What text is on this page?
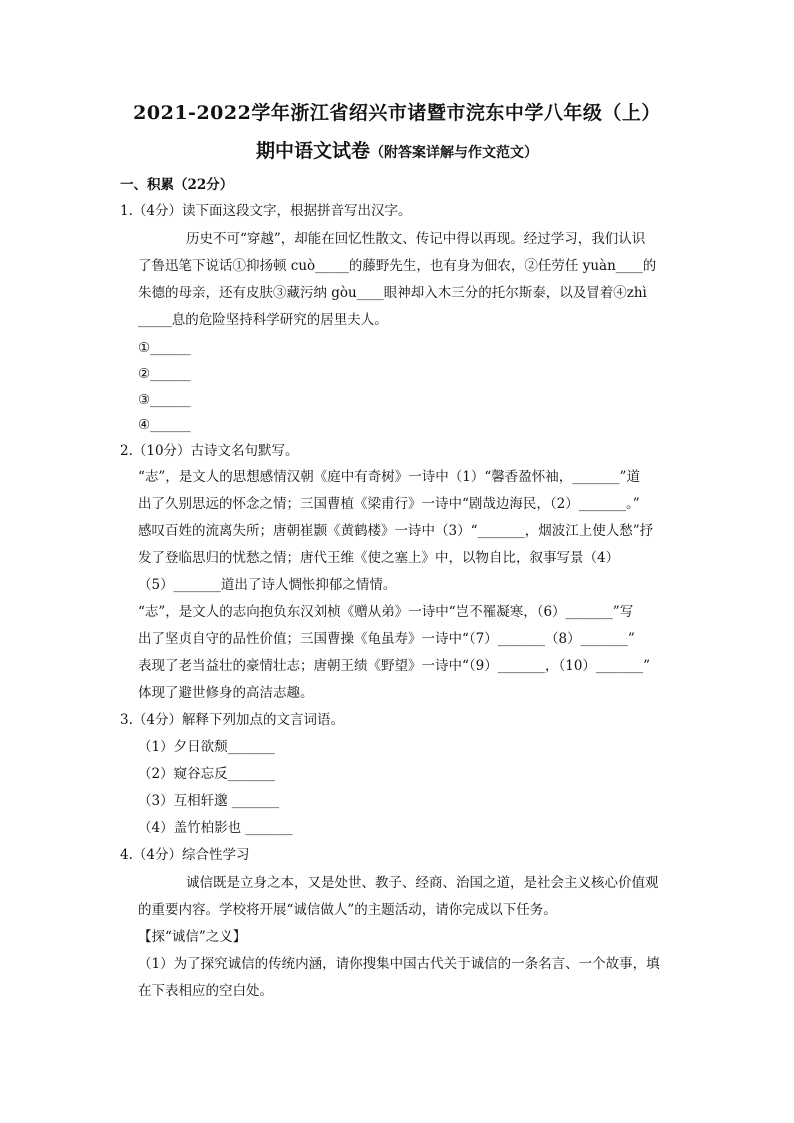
2021-2022学年浙江省绍兴市诸暨市浣东中学八年级（上）
期中语文试卷（附答案详解与作文范文）
一、积累（22分）
1.（4分）读下面这段文字，根据拼音写出汉字。
历史不可“穿越”，却能在回忆性散文、传记中得以再现。经过学习，我们认识
了鲁迅笔下说话①抑扬顿 cuò_____的藤野先生，也有身为佃农，②任劳任 yuàn____的
朱德的母亲，还有皮肤③藏污纳 gòu____眼神却入木三分的托尔斯泰，以及冒着④zhì
_____息的危险坚持科学研究的居里夫人。
①______
②______
③______
④______
2.（10分）古诗文名句默写。
“志”，是文人的思想感情汉朝《庭中有奇树》一诗中（1）“馨香盈怀袖，_______”道
出了久别思远的怀念之情；三国曹植《梁甫行》一诗中“剧哉边海民，（2）_______。”
感叹百姓的流离失所；唐朝崔颢《黄鹤楼》一诗中（3）“_______，烟波江上使人愁”抒
发了登临思归的忧愁之情；唐代王维《使之塞上》中，以物自比，叙事写景（4）
（5）_______道出了诗人惆怅抑郁之情情。
“志”，是文人的志向抱负东汉刘桢《赠从弟》一诗中“岂不罹凝寒，（6）_______”写
出了坚贞自守的品性价值；三国曹操《龟虽寿》一诗中“（7）_______（8）_______”
表现了老当益壮的豪情壮志；唐朝王绩《野望》一诗中“（9）_______，（10）_______”
体现了避世修身的高洁志趣。
3.（4分）解释下列加点的文言词语。
（1）夕日欲颓_______
（2）窥谷忘反_______
（3）互相轩邈 _______
（4）盖竹柏影也 _______
4.（4分）综合性学习
诚信既是立身之本，又是处世、教子、经商、治国之道，是社会主义核心价值观
的重要内容。学校将开展“诚信做人”的主题活动，请你完成以下任务。
【探“诚信”之义】
（1）为了探究诚信的传统内涵，请你搜集中国古代关于诚信的一条名言、一个故事，填
在下表相应的空白处。
